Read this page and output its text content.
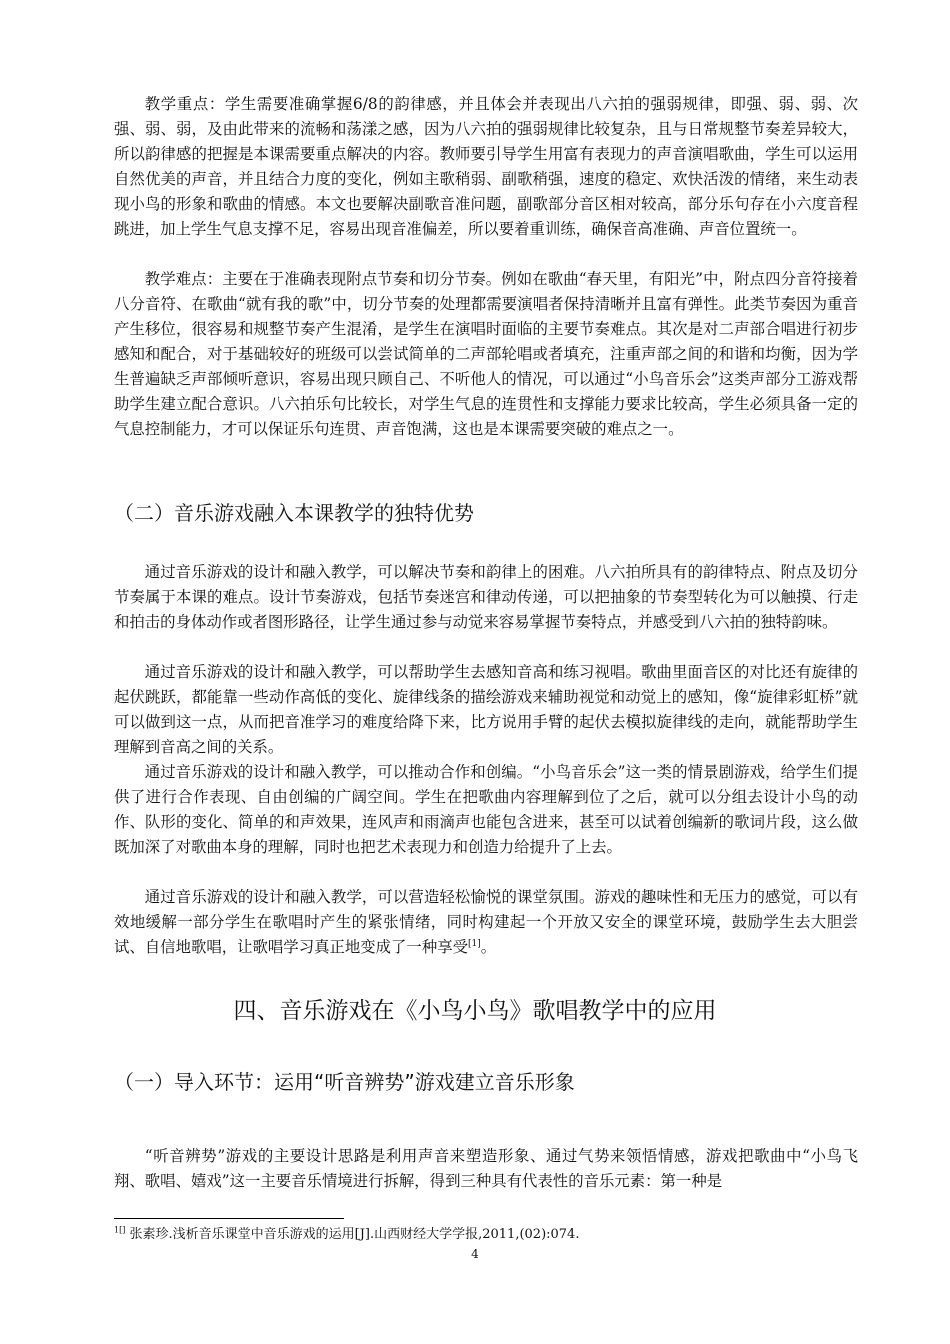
教学重点：学生需要准确掌握6/8的韵律感，并且体会并表现出八六拍的强弱规律，即强、弱、弱、次强、弱、弱，及由此带来的流畅和荡漾之感，因为八六拍的强弱规律比较复杂，且与日常规整节奏差异较大，所以韵律感的把握是本课需要重点解决的内容。教师要引导学生用富有表现力的声音演唱歌曲，学生可以运用自然优美的声音，并且结合力度的变化，例如主歌稍弱、副歌稍强，速度的稳定、欢快活泼的情绪，来生动表现小鸟的形象和歌曲的情感。本文也要解决副歌音准问题，副歌部分音区相对较高，部分乐句存在小六度音程跳进，加上学生气息支撑不足，容易出现音准偏差，所以要着重训练，确保音高准确、声音位置统一。

教学难点：主要在于准确表现附点节奏和切分节奏。例如在歌曲“春天里，有阳光”中，附点四分音符接着八分音符、在歌曲“就有我的歌”中，切分节奏的处理都需要演唱者保持清晰并且富有弹性。此类节奏因为重音产生移位，很容易和规整节奏产生混淆，是学生在演唱时面临的主要节奏难点。其次是对二声部合唱进行初步感知和配合，对于基础较好的班级可以尝试简单的二声部轮唱或者填充，注重声部之间的和谐和均衡，因为学生普遍缺乏声部倾听意识，容易出现只顾自己、不听他人的情况，可以通过“小鸟音乐会”这类声部分工游戏帮助学生建立配合意识。八六拍乐句比较长，对学生气息的连贯性和支撑能力要求比较高，学生必须具备一定的气息控制能力，才可以保证乐句连贯、声音饱满，这也是本课需要突破的难点之一。

（二）音乐游戏融入本课教学的独特优势

通过音乐游戏的设计和融入教学，可以解决节奏和韵律上的困难。八六拍所具有的韵律特点、附点及切分节奏属于本课的难点。设计节奏游戏，包括节奏迷宫和律动传递，可以把抽象的节奏型转化为可以触摸、行走和拍击的身体动作或者图形路径，让学生通过参与动觉来容易掌握节奏特点，并感受到八六拍的独特韵味。

通过音乐游戏的设计和融入教学，可以帮助学生去感知音高和练习视唱。歌曲里面音区的对比还有旋律的起伏跳跃，都能靠一些动作高低的变化、旋律线条的描绘游戏来辅助视觉和动觉上的感知，像“旋律彩虹桥”就可以做到这一点，从而把音准学习的难度给降下来，比方说用手臂的起伏去模拟旋律线的走向，就能帮助学生理解到音高之间的关系。

通过音乐游戏的设计和融入教学，可以推动合作和创编。“小鸟音乐会”这一类的情景剧游戏，给学生们提供了进行合作表现、自由创编的广阔空间。学生在把歌曲内容理解到位了之后，就可以分组去设计小鸟的动作、队形的变化、简单的和声效果，连风声和雨滴声也能包含进来，甚至可以试着创编新的歌词片段，这么做既加深了对歌曲本身的理解，同时也把艺术表现力和创造力给提升了上去。

通过音乐游戏的设计和融入教学，可以营造轻松愉悦的课堂氛围。游戏的趣味性和无压力的感觉，可以有效地缓解一部分学生在歌唱时产生的紧张情绪，同时构建起一个开放又安全的课堂环境，鼓励学生去大胆尝试、自信地歌唱，让歌唱学习真正地变成了一种享受[1]。

四、音乐游戏在《小鸟小鸟》歌唱教学中的应用
（一）导入环节：运用“听音辨势”游戏建立音乐形象

“听音辨势”游戏的主要设计思路是利用声音来塑造形象、通过气势来领悟情感，游戏把歌曲中“小鸟飞翔、歌唱、嬉戏”这一主要音乐情境进行拆解，得到三种具有代表性的音乐元素：第一种是

$^{1[]}$ 张素珍.浅析音乐课堂中音乐游戏的运用[J].山西财经大学学报,2011,(02):074.
4
